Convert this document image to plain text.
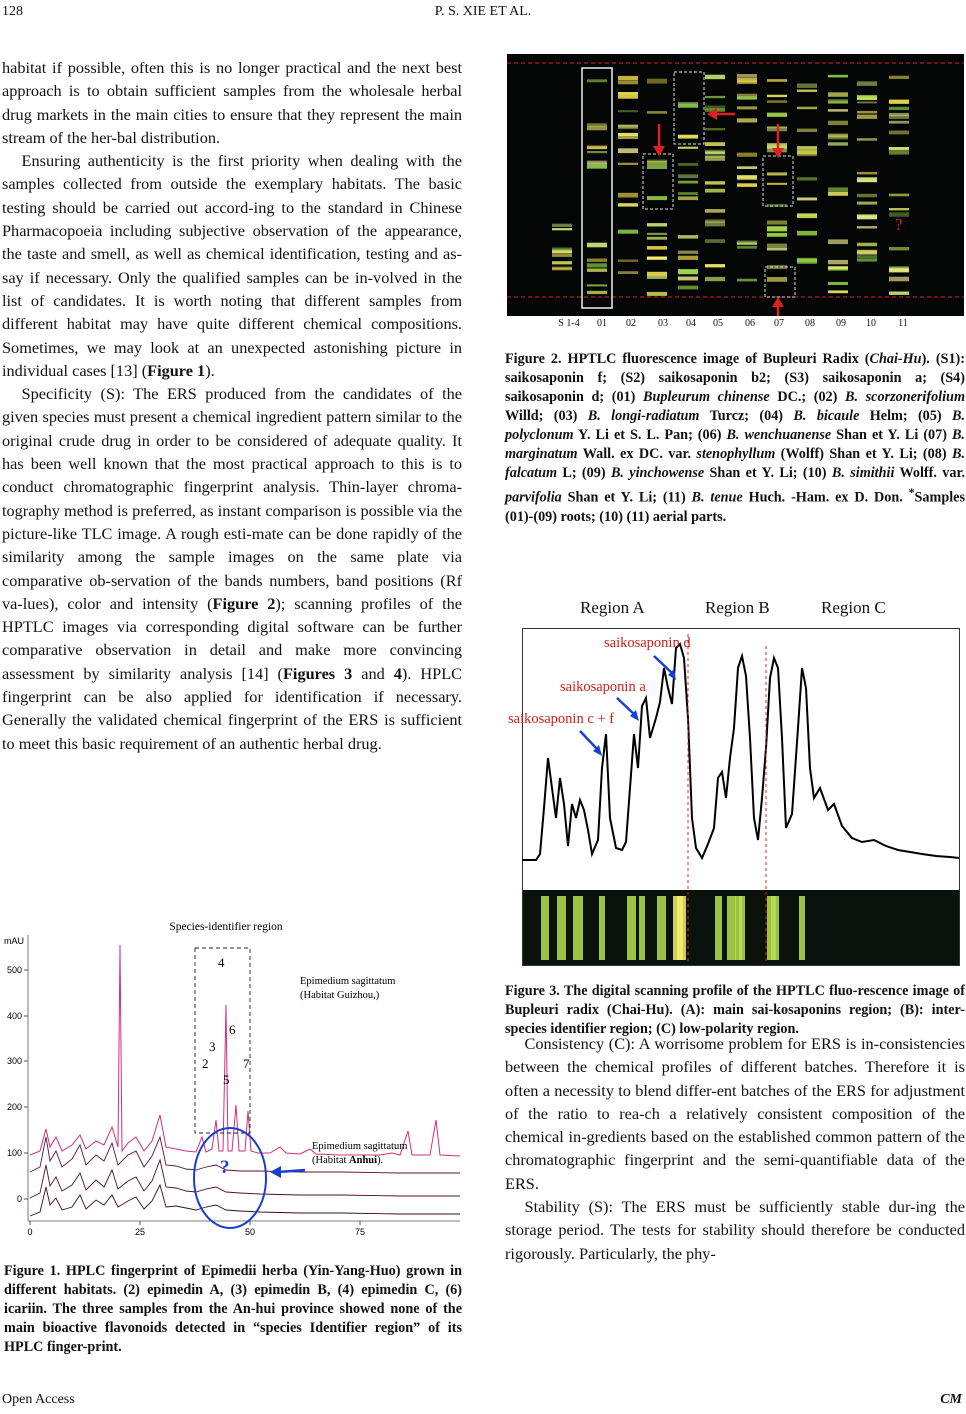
128	P. S. XIE ET AL.

habitat if possible, often this is no longer practical and the next best approach is to obtain sufficient samples from the wholesale herbal drug markets in the main cities to ensure that they represent the main stream of the her-bal distribution.

Ensuring authenticity is the first priority when dealing with the samples collected from outside the exemplary habitats. The basic testing should be carried out accord-ing to the standard in Chinese Pharmacopoeia including subjective observation of the appearance, the taste and smell, as well as chemical identification, testing and as-say if necessary. Only the qualified samples can be in-volved in the list of candidates. It is worth noting that different samples from different habitat may have quite different chemical compositions. Sometimes, we may look at an unexpected astonishing picture in individual cases [13] (Figure 1).

Specificity (S): The ERS produced from the candidates of the given species must present a chemical ingredient pattern similar to the original crude drug in order to be considered of adequate quality. It has been well known that the most practical approach to this is to conduct chromatographic fingerprint analysis. Thin-layer chroma-tography method is preferred, as instant comparison is possible via the picture-like TLC image. A rough esti-mate can be done rapidly of the similarity among the sample images on the same plate via comparative ob-servation of the bands numbers, band positions (Rf va-lues), color and intensity (Figure 2); scanning profiles of the HPTLC images via corresponding digital software can be further comparative observation in detail and make more convincing assessment by similarity analysis [14] (Figures 3 and 4). HPLC fingerprint can be also applied for identification if necessary. Generally the validated chemical fingerprint of the ERS is sufficient to meet this basic requirement of an authentic herbal drug.

Species-identifier region
mAU
500
400
300
200
100
0
0	25	50	75
4
3
6
2	7
5
Epimedium sagittatum
(Habitat Guizhou,)
Epimedium sagittatum
(Habitat Anhui).
?
Figure 1. HPLC fingerprint of Epimedii herba (Yin-Yang-Huo) grown in different habitats. (2) epimedin A, (3) epimedin B, (4) epimedin C, (6) icariin. The three samples from the An-hui province showed none of the main bioactive flavonoids detected in “species Identifier region” of its HPLC finger-print.
?
S 1-4 01 02 03 04 05 06 07 08 09 10 11
Figure 2. HPTLC fluorescence image of Bupleuri Radix (Chai-Hu). (S1): saikosaponin f; (S2) saikosaponin b2; (S3) saikosaponin a; (S4) saikosaponin d; (01) Bupleurum chinense DC.; (02) B. scorzonerifolium Willd; (03) B. longi-radiatum Turcz; (04) B. bicaule Helm; (05) B. polyclonum Y. Li et S. L. Pan; (06) B. wenchuanense Shan et Y. Li (07) B. marginatum Wall. ex DC. var. stenophyllum (Wolff) Shan et Y. Li; (08) B. falcatum L; (09) B. yinchowense Shan et Y. Li; (10) B. simithii Wolff. var. parvifolia Shan et Y. Li; (11) B. tenue Huch. -Ham. ex D. Don. *Samples (01)-(09) roots; (10) (11) aerial parts.
Region A	Region B	Region C
saikosaponin d
saikosaponin a
saikosaponin c + f
Figure 3. The digital scanning profile of the HPTLC fluo-rescence image of Bupleuri radix (Chai-Hu). (A): main sai-kosaponins region; (B): inter-species identifier region; (C) low-polarity region.

Consistency (C): A worrisome problem for ERS is in-consistencies between the chemical profiles of different batches. Therefore it is often a necessity to blend differ-ent batches of the ERS for adjustment of the ratio to rea-ch a relatively consistent composition of the chemical in-gredients based on the established common pattern of the chromatographic fingerprint and the semi-quantifiable data of the ERS.

Stability (S): The ERS must be sufficiently stable dur-ing the storage period. The tests for stability should therefore be conducted rigorously. Particularly, the phy-

Open Access	CM
